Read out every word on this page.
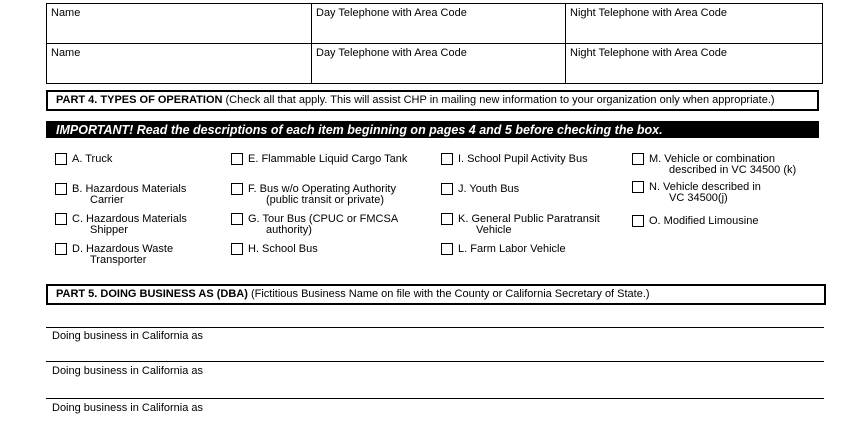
Name	Day Telephone with Area Code	Night Telephone with Area Code
Name	Day Telephone with Area Code	Night Telephone with Area Code
PART 4. TYPES OF OPERATION (Check all that apply. This will assist CHP in mailing new information to your organization only when appropriate.)
IMPORTANT! Read the descriptions of each item beginning on pages 4 and 5 before checking the box.
A. Truck
B. Hazardous Materials
Carrier
C. Hazardous Materials
Shipper
D. Hazardous Waste
Transporter
E. Flammable Liquid Cargo Tank
F. Bus w/o Operating Authority
(public transit or private)
G. Tour Bus (CPUC or FMCSA
authority)
H. School Bus
I. School Pupil Activity Bus
J. Youth Bus
K. General Public Paratransit
Vehicle
L. Farm Labor Vehicle
M. Vehicle or combination
described in VC 34500 (k)
N. Vehicle described in
VC 34500(j)
O. Modified Limousine
PART 5. DOING BUSINESS AS (DBA) (Fictitious Business Name on file with the County or California Secretary of State.)
Doing business in California as
Doing business in California as
Doing business in California as
